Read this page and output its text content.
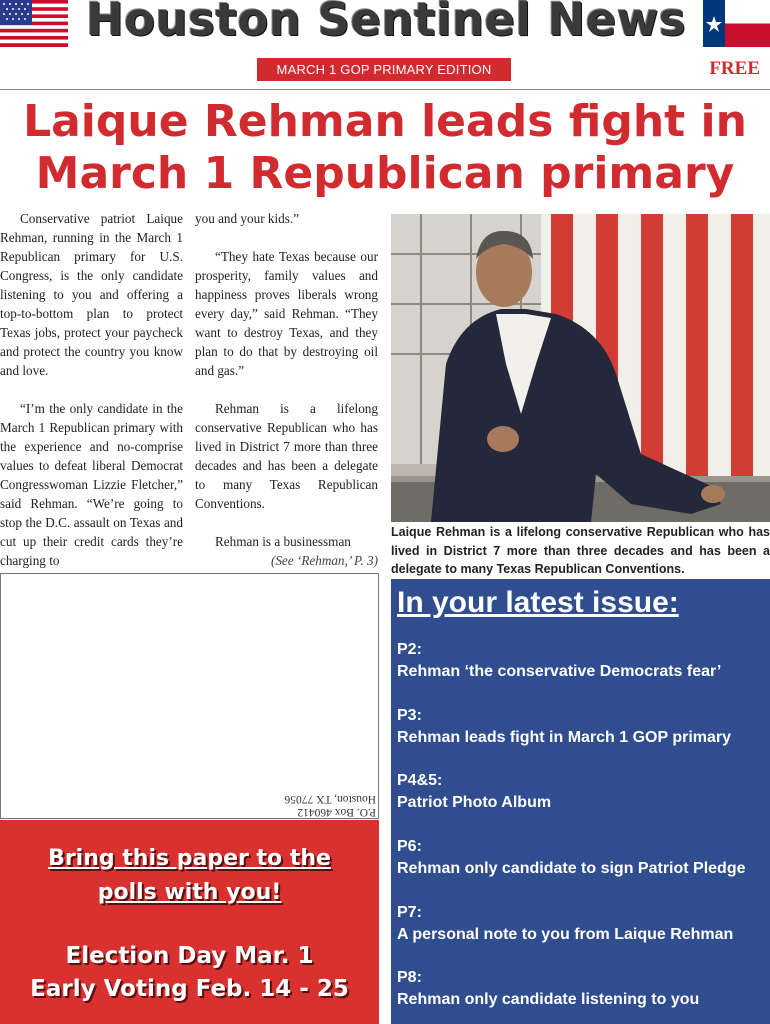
Houston Sentinel News
MARCH 1 GOP PRIMARY EDITION	FREE
Laique Rehman leads fight in
March 1 Republican primary

Conservative patriot Laique Rehman, running in the March 1 Republican primary for U.S. Congress, is the only candidate listening to you and offering a top-to-bottom plan to protect Texas jobs, protect your paycheck and protect the country you know and love.

“I’m the only candidate in the March 1 Republican primary with the experience and no-comprise values to defeat liberal Democrat Congresswoman Lizzie Fletcher,” said Rehman. “We’re going to stop the D.C. assault on Texas and cut up their credit cards they’re charging to

you and your kids.”

“They hate Texas because our prosperity, family values and happiness proves liberals wrong every day,” said Rehman. “They want to destroy Texas, and they plan to do that by destroying oil and gas.”

Rehman is a lifelong conservative Republican who has lived in District 7 more than three decades and has been a delegate to many Texas Republican Conventions.

Rehman is a businessman

(See ‘Rehman,’ P. 3)
Laique Rehman is a lifelong conservative Republican who has lived in District 7 more than three decades and has been a delegate to many Texas Republican Conventions.
P.O. Box 460412
Houston, TX 77056
Bring this paper to the
polls with you!
Election Day Mar. 1
Early Voting Feb. 14 - 25
In your latest issue:
P2:
Rehman ‘the conservative Democrats fear’
P3:
Rehman leads fight in March 1 GOP primary
P4&5:
Patriot Photo Album
P6:
Rehman only candidate to sign Patriot Pledge
P7:
A personal note to you from Laique Rehman
P8:
Rehman only candidate listening to you
